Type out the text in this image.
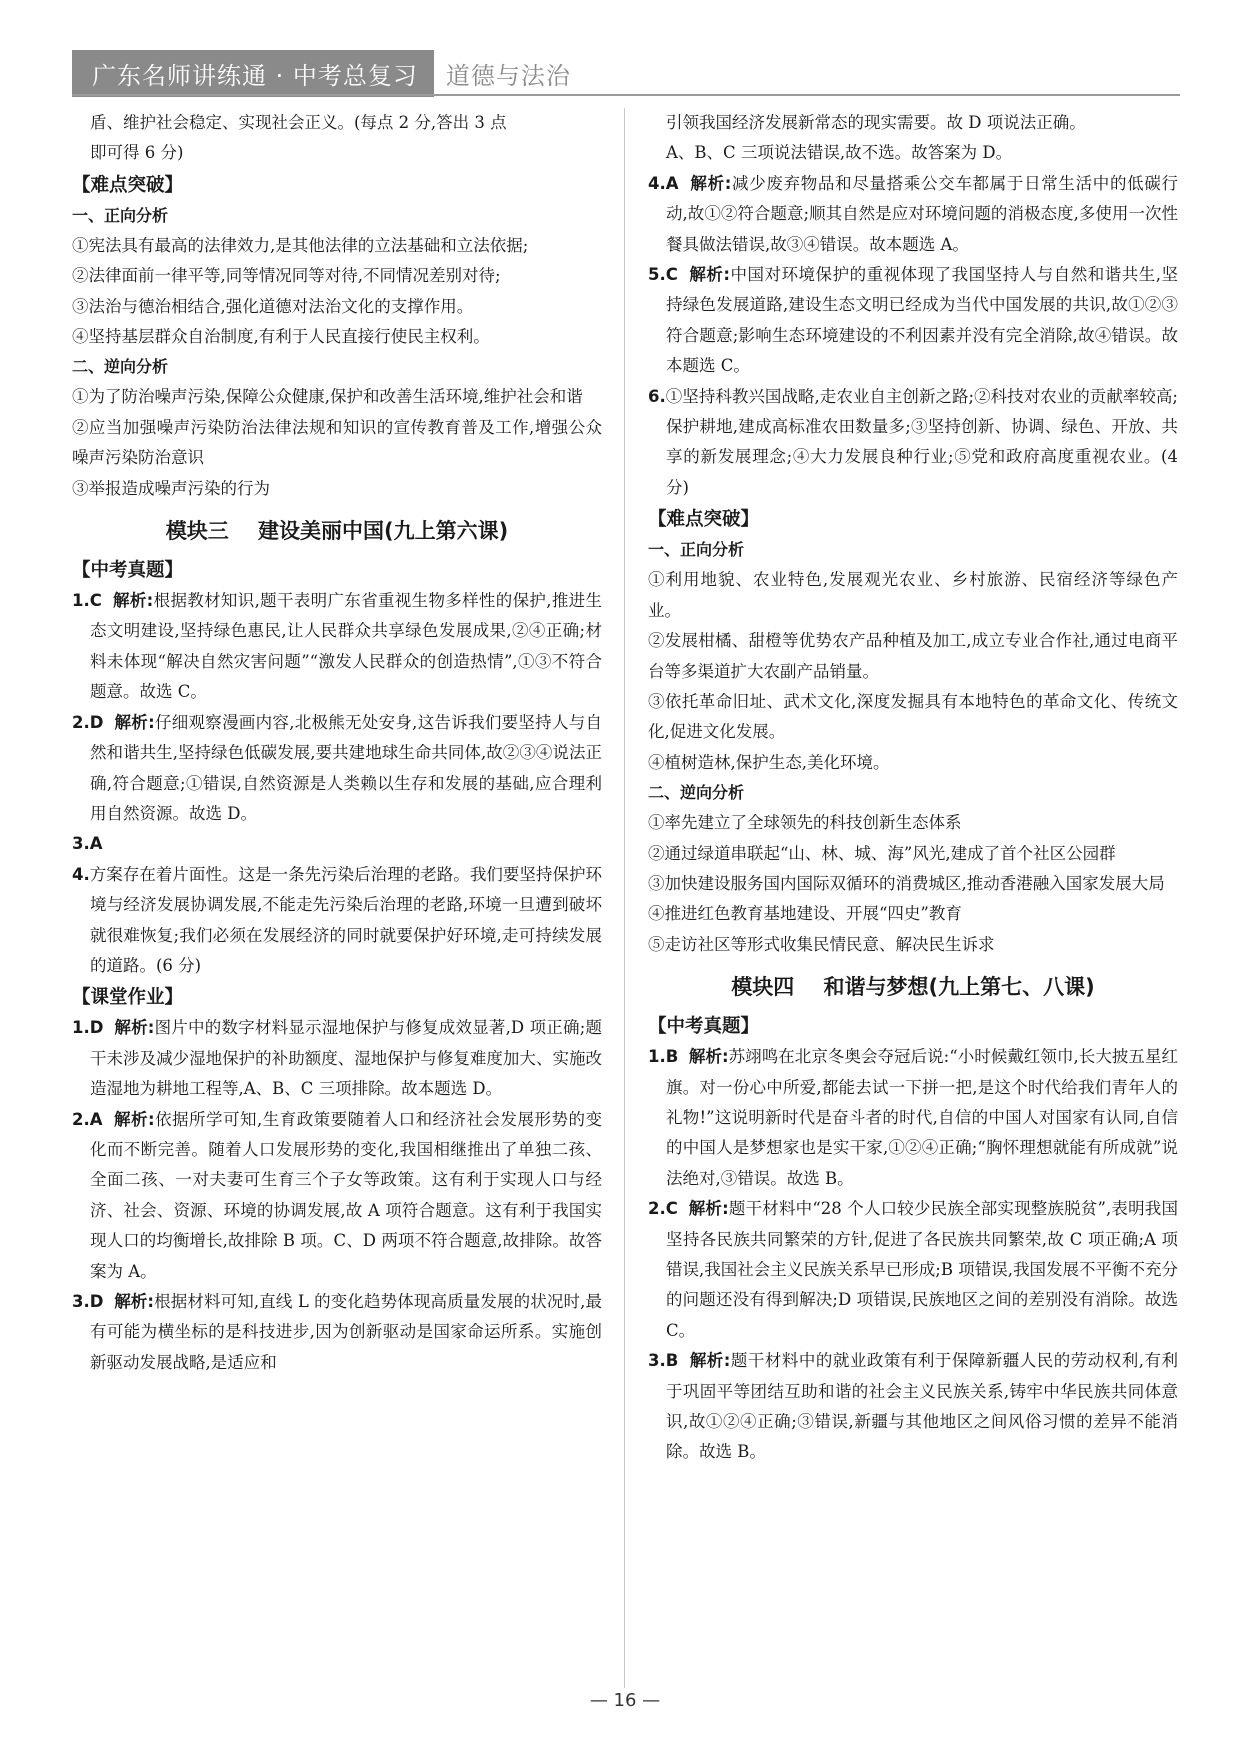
广东名师讲练通 · 中考总复习	道德与法治

盾、维护社会稳定、实现社会正义。(每点 2 分,答出 3 点

即可得 6 分)

【难点突破】

一、正向分析

①宪法具有最高的法律效力,是其他法律的立法基础和立法依据;

②法律面前一律平等,同等情况同等对待,不同情况差别对待;

③法治与德治相结合,强化道德对法治文化的支撑作用。

④坚持基层群众自治制度,有利于人民直接行使民主权利。

二、逆向分析

①为了防治噪声污染,保障公众健康,保护和改善生活环境,维护社会和谐

②应当加强噪声污染防治法律法规和知识的宣传教育普及工作,增强公众噪声污染防治意识

③举报造成噪声污染的行为

模块三    建设美丽中国(九上第六课)

【中考真题】

1.C 解析:根据教材知识,题干表明广东省重视生物多样性的保护,推进生态文明建设,坚持绿色惠民,让人民群众共享绿色发展成果,②④正确;材料未体现“解决自然灾害问题”“激发人民群众的创造热情”,①③不符合题意。故选 C。

2.D 解析:仔细观察漫画内容,北极熊无处安身,这告诉我们要坚持人与自然和谐共生,坚持绿色低碳发展,要共建地球生命共同体,故②③④说法正确,符合题意;①错误,自然资源是人类赖以生存和发展的基础,应合理利用自然资源。故选 D。

3.A

4.方案存在着片面性。这是一条先污染后治理的老路。我们要坚持保护环境与经济发展协调发展,不能走先污染后治理的老路,环境一旦遭到破坏就很难恢复;我们必须在发展经济的同时就要保护好环境,走可持续发展的道路。(6 分)

【课堂作业】

1.D 解析:图片中的数字材料显示湿地保护与修复成效显著,D 项正确;题干未涉及减少湿地保护的补助额度、湿地保护与修复难度加大、实施改造湿地为耕地工程等,A、B、C 三项排除。故本题选 D。

2.A 解析:依据所学可知,生育政策要随着人口和经济社会发展形势的变化而不断完善。随着人口发展形势的变化,我国相继推出了单独二孩、全面二孩、一对夫妻可生育三个子女等政策。这有利于实现人口与经济、社会、资源、环境的协调发展,故 A 项符合题意。这有利于我国实现人口的均衡增长,故排除 B 项。C、D 两项不符合题意,故排除。故答案为 A。

3.D 解析:根据材料可知,直线 L 的变化趋势体现高质量发展的状况时,最有可能为横坐标的是科技进步,因为创新驱动是国家命运所系。实施创新驱动发展战略,是适应和

引领我国经济发展新常态的现实需要。故 D 项说法正确。

A、B、C 三项说法错误,故不选。故答案为 D。

4.A 解析:减少废弃物品和尽量搭乘公交车都属于日常生活中的低碳行动,故①②符合题意;顺其自然是应对环境问题的消极态度,多使用一次性餐具做法错误,故③④错误。故本题选 A。

5.C 解析:中国对环境保护的重视体现了我国坚持人与自然和谐共生,坚持绿色发展道路,建设生态文明已经成为当代中国发展的共识,故①②③符合题意;影响生态环境建设的不利因素并没有完全消除,故④错误。故本题选 C。

6.①坚持科教兴国战略,走农业自主创新之路;②科技对农业的贡献率较高;保护耕地,建成高标准农田数量多;③坚持创新、协调、绿色、开放、共享的新发展理念;④大力发展良种行业;⑤党和政府高度重视农业。(4 分)

【难点突破】

一、正向分析

①利用地貌、农业特色,发展观光农业、乡村旅游、民宿经济等绿色产业。

②发展柑橘、甜橙等优势农产品种植及加工,成立专业合作社,通过电商平台等多渠道扩大农副产品销量。

③依托革命旧址、武术文化,深度发掘具有本地特色的革命文化、传统文化,促进文化发展。

④植树造林,保护生态,美化环境。

二、逆向分析

①率先建立了全球领先的科技创新生态体系

②通过绿道串联起“山、林、城、海”风光,建成了首个社区公园群

③加快建设服务国内国际双循环的消费城区,推动香港融入国家发展大局

④推进红色教育基地建设、开展“四史”教育

⑤走访社区等形式收集民情民意、解决民生诉求

模块四    和谐与梦想(九上第七、八课)

【中考真题】

1.B 解析:苏翊鸣在北京冬奥会夺冠后说:“小时候戴红领巾,长大披五星红旗。对一份心中所爱,都能去试一下拼一把,是这个时代给我们青年人的礼物!”这说明新时代是奋斗者的时代,自信的中国人对国家有认同,自信的中国人是梦想家也是实干家,①②④正确;“胸怀理想就能有所成就”说法绝对,③错误。故选 B。

2.C 解析:题干材料中“28 个人口较少民族全部实现整族脱贫”,表明我国坚持各民族共同繁荣的方针,促进了各民族共同繁荣,故 C 项正确;A 项错误,我国社会主义民族关系早已形成;B 项错误,我国发展不平衡不充分的问题还没有得到解决;D 项错误,民族地区之间的差别没有消除。故选 C。

3.B 解析:题干材料中的就业政策有利于保障新疆人民的劳动权利,有利于巩固平等团结互助和谐的社会主义民族关系,铸牢中华民族共同体意识,故①②④正确;③错误,新疆与其他地区之间风俗习惯的差异不能消除。故选 B。

— 16 —
